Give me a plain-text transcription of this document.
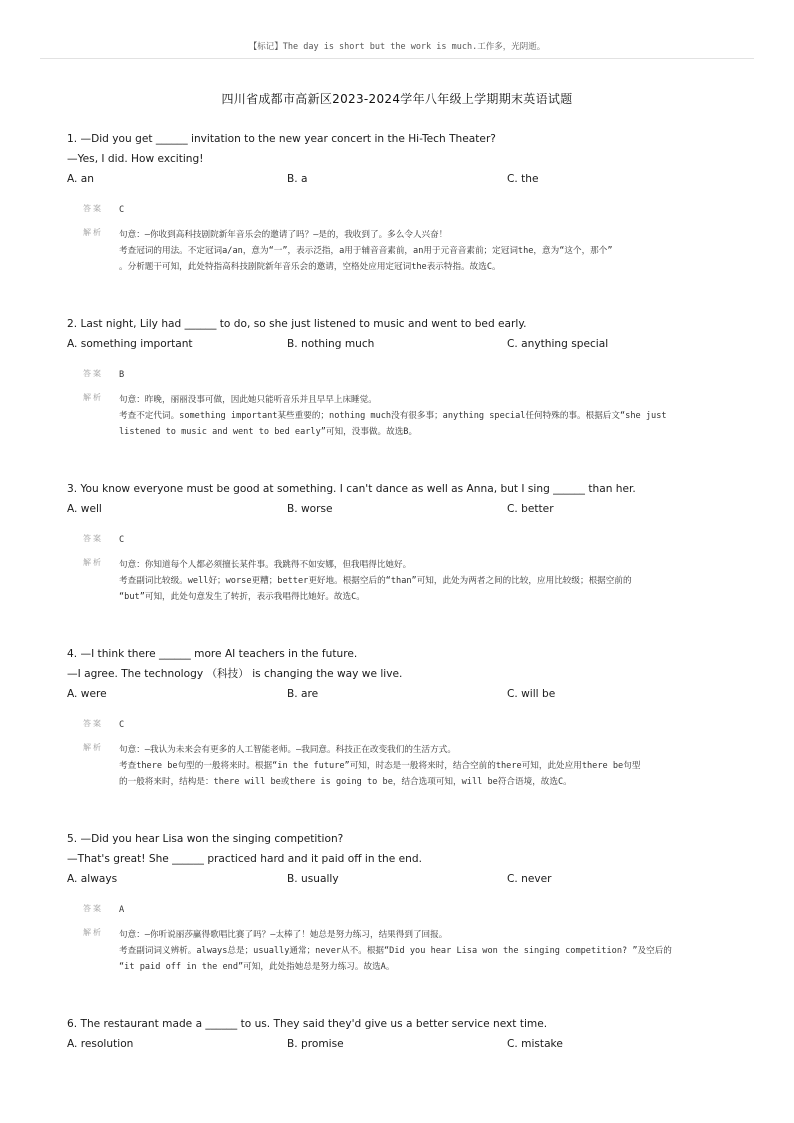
【标记】The day is short but the work is much.工作多，光阴逝。
四川省成都市高新区2023-2024学年八年级上学期期末英语试题
1. —Did you get ______ invitation to the new year concert in the Hi-Tech Theater?
—Yes, I did. How exciting!
A. an	B. a	C. the
答案 C
解析 句意：—你收到高科技剧院新年音乐会的邀请了吗？—是的，我收到了。多么令人兴奋！
考查冠词的用法。不定冠词a/an，意为“一”，表示泛指，a用于辅音音素前，an用于元音音素前；定冠词the，意为“这个，那个”
。分析题干可知，此处特指高科技剧院新年音乐会的邀请，空格处应用定冠词the表示特指。故选C。
2. Last night, Lily had ______ to do, so she just listened to music and went to bed early.
A. something important	B. nothing much	C. anything special
答案 B
解析 句意：昨晚，丽丽没事可做，因此她只能听音乐并且早早上床睡觉。
考查不定代词。something important某些重要的；nothing much没有很多事；anything special任何特殊的事。根据后文“she just
listened to music and went to bed early”可知，没事做。故选B。
3. You know everyone must be good at something. I can't dance as well as Anna, but I sing ______ than her.
A. well	B. worse	C. better
答案 C
解析 句意：你知道每个人都必须擅长某件事。我跳得不如安娜，但我唱得比她好。
考查副词比较级。well好；worse更糟；better更好地。根据空后的“than”可知，此处为两者之间的比较，应用比较级；根据空前的
“but”可知，此处句意发生了转折，表示我唱得比她好。故选C。
4. —I think there ______ more AI teachers in the future.
—I agree. The technology （科技） is changing the way we live.
A. were	B. are	C. will be
答案 C
解析 句意：—我认为未来会有更多的人工智能老师。—我同意。科技正在改变我们的生活方式。
考查there be句型的一般将来时。根据“in the future”可知，时态是一般将来时，结合空前的there可知，此处应用there be句型
的一般将来时，结构是：there will be或there is going to be，结合选项可知，will be符合语境，故选C。
5. —Did you hear Lisa won the singing competition?
—That's great! She ______ practiced hard and it paid off in the end.
A. always	B. usually	C. never
答案 A
解析 句意：—你听说丽莎赢得歌唱比赛了吗？—太棒了！她总是努力练习，结果得到了回报。
考查副词词义辨析。always总是；usually通常；never从不。根据“Did you hear Lisa won the singing competition? ”及空后的
“it paid off in the end”可知，此处指她总是努力练习。故选A。
6. The restaurant made a ______ to us. They said they'd give us a better service next time.
A. resolution	B. promise	C. mistake
